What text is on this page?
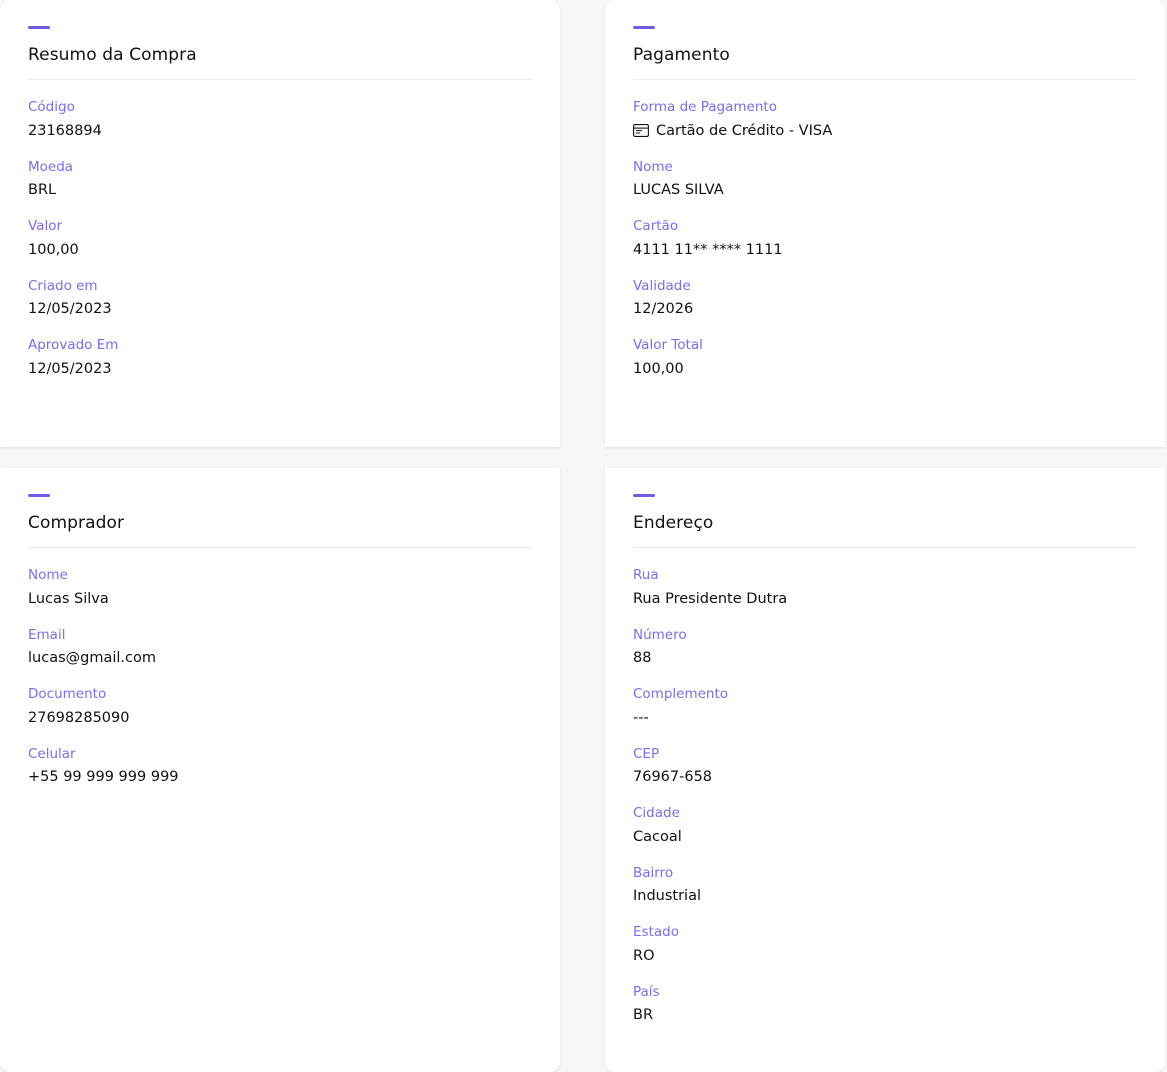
Resumo da Compra
Código
23168894
Moeda
BRL
Valor
100,00
Criado em
12/05/2023
Aprovado Em
12/05/2023
Pagamento
Forma de Pagamento
Cartão de Crédito - VISA
Nome
LUCAS SILVA
Cartão
4111 11** **** 1111
Validade
12/2026
Valor Total
100,00
Comprador
Nome
Lucas Silva
Email
lucas@gmail.com
Documento
27698285090
Celular
+55 99 999 999 999
Endereço
Rua
Rua Presidente Dutra
Número
88
Complemento
---
CEP
76967-658
Cidade
Cacoal
Bairro
Industrial
Estado
RO
País
BR
